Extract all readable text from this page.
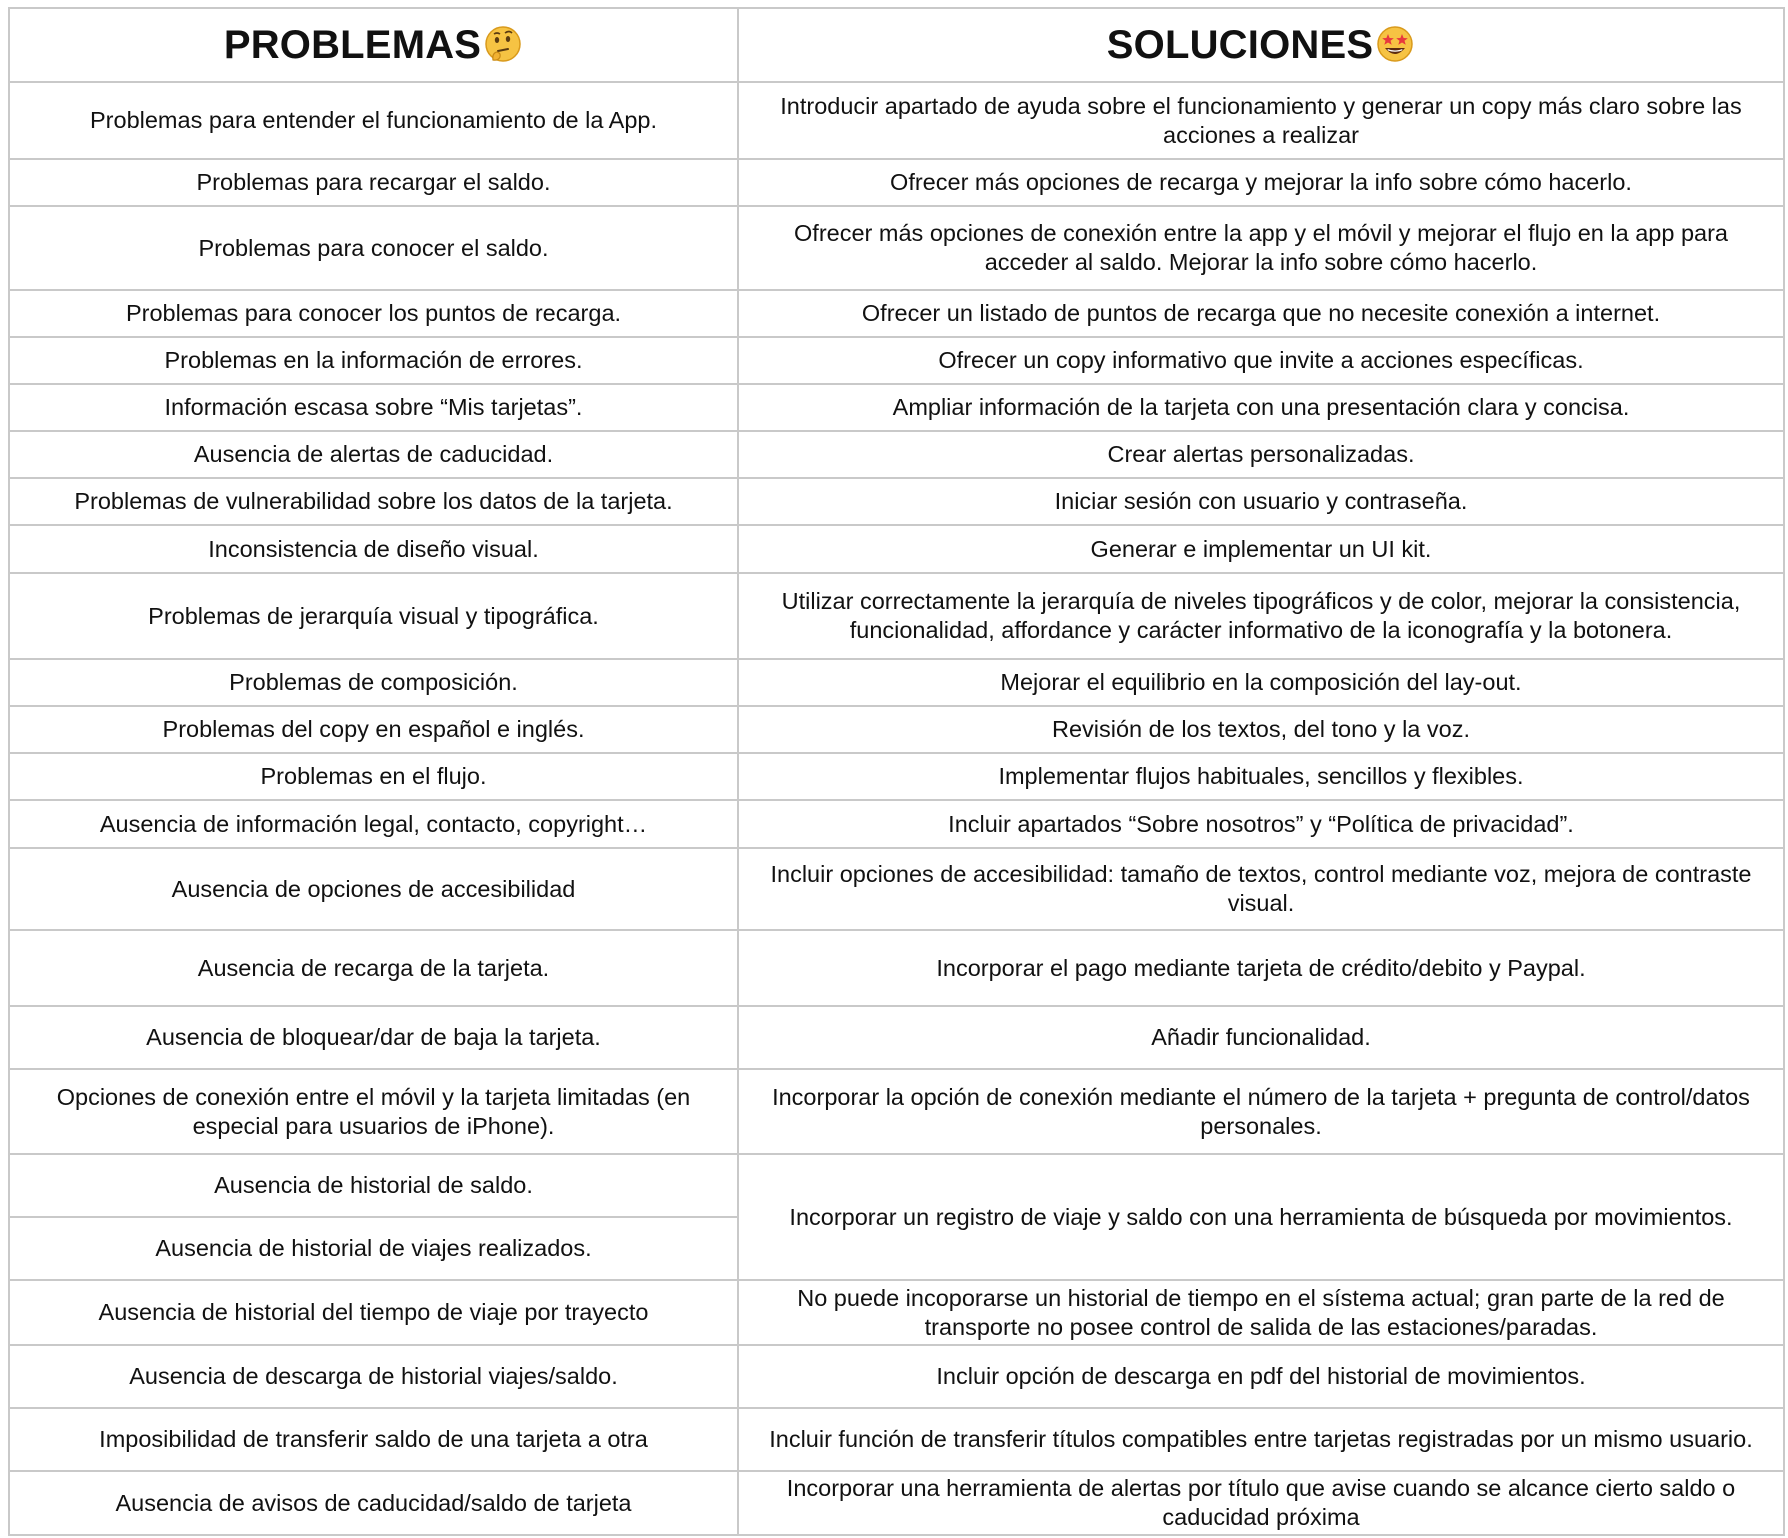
PROBLEMAS	SOLUCIONES
Problemas para entender el funcionamiento de la App.	Introducir apartado de ayuda sobre el funcionamiento y generar un copy más claro sobre las acciones a realizar
Problemas para recargar el saldo.	Ofrecer más opciones de recarga y mejorar la info sobre cómo hacerlo.
Problemas para conocer el saldo.	Ofrecer más opciones de conexión entre la app y el móvil y mejorar el flujo en la app para acceder al saldo. Mejorar la info sobre cómo hacerlo.
Problemas para conocer los puntos de recarga.	Ofrecer un listado de puntos de recarga que no necesite conexión a internet.
Problemas en la información de errores.	Ofrecer un copy informativo que invite a acciones específicas.
Información escasa sobre “Mis tarjetas”.	Ampliar información de la tarjeta con una presentación clara y concisa.
Ausencia de alertas de caducidad.	Crear alertas personalizadas.
Problemas de vulnerabilidad sobre los datos de la tarjeta.	Iniciar sesión con usuario y contraseña.
Inconsistencia de diseño visual.	Generar e implementar un UI kit.
Problemas de jerarquía visual y tipográfica.	Utilizar correctamente la jerarquía de niveles tipográficos y de color, mejorar la consistencia, funcionalidad, affordance y carácter informativo de la iconografía y la botonera.
Problemas de composición.	Mejorar el equilibrio en la composición del lay-out.
Problemas del copy en español e inglés.	Revisión de los textos, del tono y la voz.
Problemas en el flujo.	Implementar flujos habituales, sencillos y flexibles.
Ausencia de información legal, contacto, copyright…	Incluir apartados “Sobre nosotros” y “Política de privacidad”.
Ausencia de opciones de accesibilidad	Incluir opciones de accesibilidad: tamaño de textos, control mediante voz, mejora de contraste visual.
Ausencia de recarga de la tarjeta.	Incorporar el pago mediante tarjeta de crédito/debito y Paypal.
Ausencia de bloquear/dar de baja la tarjeta.	Añadir funcionalidad.
Opciones de conexión entre el móvil y la tarjeta limitadas (en especial para usuarios de iPhone).	Incorporar la opción de conexión mediante el número de la tarjeta + pregunta de control/datos personales.
Ausencia de historial de saldo.	Incorporar un registro de viaje y saldo con una herramienta de búsqueda por movimientos.
Ausencia de historial de viajes realizados.	
Ausencia de historial del tiempo de viaje por trayecto	No puede incoporarse un historial de tiempo en el sístema actual; gran parte de la red de transporte no posee control de salida de las estaciones/paradas.
Ausencia de descarga de historial viajes/saldo.	Incluir opción de descarga en pdf del historial de movimientos.
Imposibilidad de transferir saldo de una tarjeta a otra	Incluir función de transferir títulos compatibles entre tarjetas registradas por un mismo usuario.
Ausencia de avisos de caducidad/saldo de tarjeta	Incorporar una herramienta de alertas por título que avise cuando se alcance cierto saldo o caducidad próxima
